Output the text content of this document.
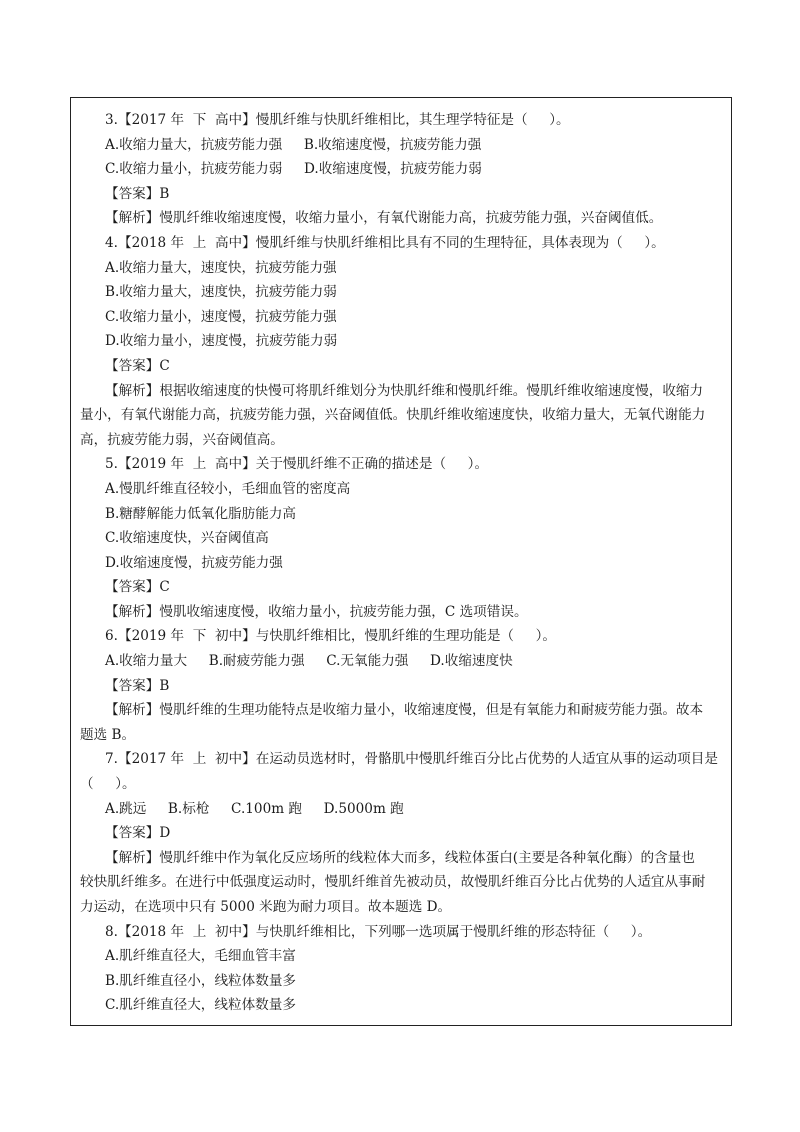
3.【2017 年  下  高中】慢肌纤维与快肌纤维相比，其生理学特征是（     ）。

A.收缩力量大，抗疲劳能力强     B.收缩速度慢，抗疲劳能力强

C.收缩力量小，抗疲劳能力弱     D.收缩速度慢，抗疲劳能力弱

【答案】B

【解析】慢肌纤维收缩速度慢，收缩力量小，有氧代谢能力高，抗疲劳能力强，兴奋阈值低。

4.【2018 年  上  高中】慢肌纤维与快肌纤维相比具有不同的生理特征，具体表现为（     ）。

A.收缩力量大，速度快，抗疲劳能力强

B.收缩力量大，速度快，抗疲劳能力弱

C.收缩力量小，速度慢，抗疲劳能力强

D.收缩力量小，速度慢，抗疲劳能力弱

【答案】C

【解析】根据收缩速度的快慢可将肌纤维划分为快肌纤维和慢肌纤维。慢肌纤维收缩速度慢，收缩力

量小，有氧代谢能力高，抗疲劳能力强，兴奋阈值低。快肌纤维收缩速度快，收缩力量大，无氧代谢能力

高，抗疲劳能力弱，兴奋阈值高。

5.【2019 年  上  高中】关于慢肌纤维不正确的描述是（     ）。

A.慢肌纤维直径较小，毛细血管的密度高

B.糖酵解能力低氧化脂肪能力高

C.收缩速度快，兴奋阈值高

D.收缩速度慢，抗疲劳能力强

【答案】C

【解析】慢肌收缩速度慢，收缩力量小，抗疲劳能力强，C 选项错误。

6.【2019 年  下  初中】与快肌纤维相比，慢肌纤维的生理功能是（     ）。

A.收缩力量大     B.耐疲劳能力强     C.无氧能力强     D.收缩速度快

【答案】B

【解析】慢肌纤维的生理功能特点是收缩力量小，收缩速度慢，但是有氧能力和耐疲劳能力强。故本

题选 B。

7.【2017 年  上  初中】在运动员选材时，骨骼肌中慢肌纤维百分比占优势的人适宜从事的运动项目是

（     ）。

A.跳远     B.标枪     C.100m 跑     D.5000m 跑

【答案】D

【解析】慢肌纤维中作为氧化反应场所的线粒体大而多，线粒体蛋白(主要是各种氧化酶）的含量也

较快肌纤维多。在进行中低强度运动时，慢肌纤维首先被动员，故慢肌纤维百分比占优势的人适宜从事耐

力运动，在选项中只有 5000 米跑为耐力项目。故本题选 D。

8.【2018 年  上  初中】与快肌纤维相比，下列哪一选项属于慢肌纤维的形态特征（     ）。

A.肌纤维直径大，毛细血管丰富

B.肌纤维直径小，线粒体数量多

C.肌纤维直径大，线粒体数量多
